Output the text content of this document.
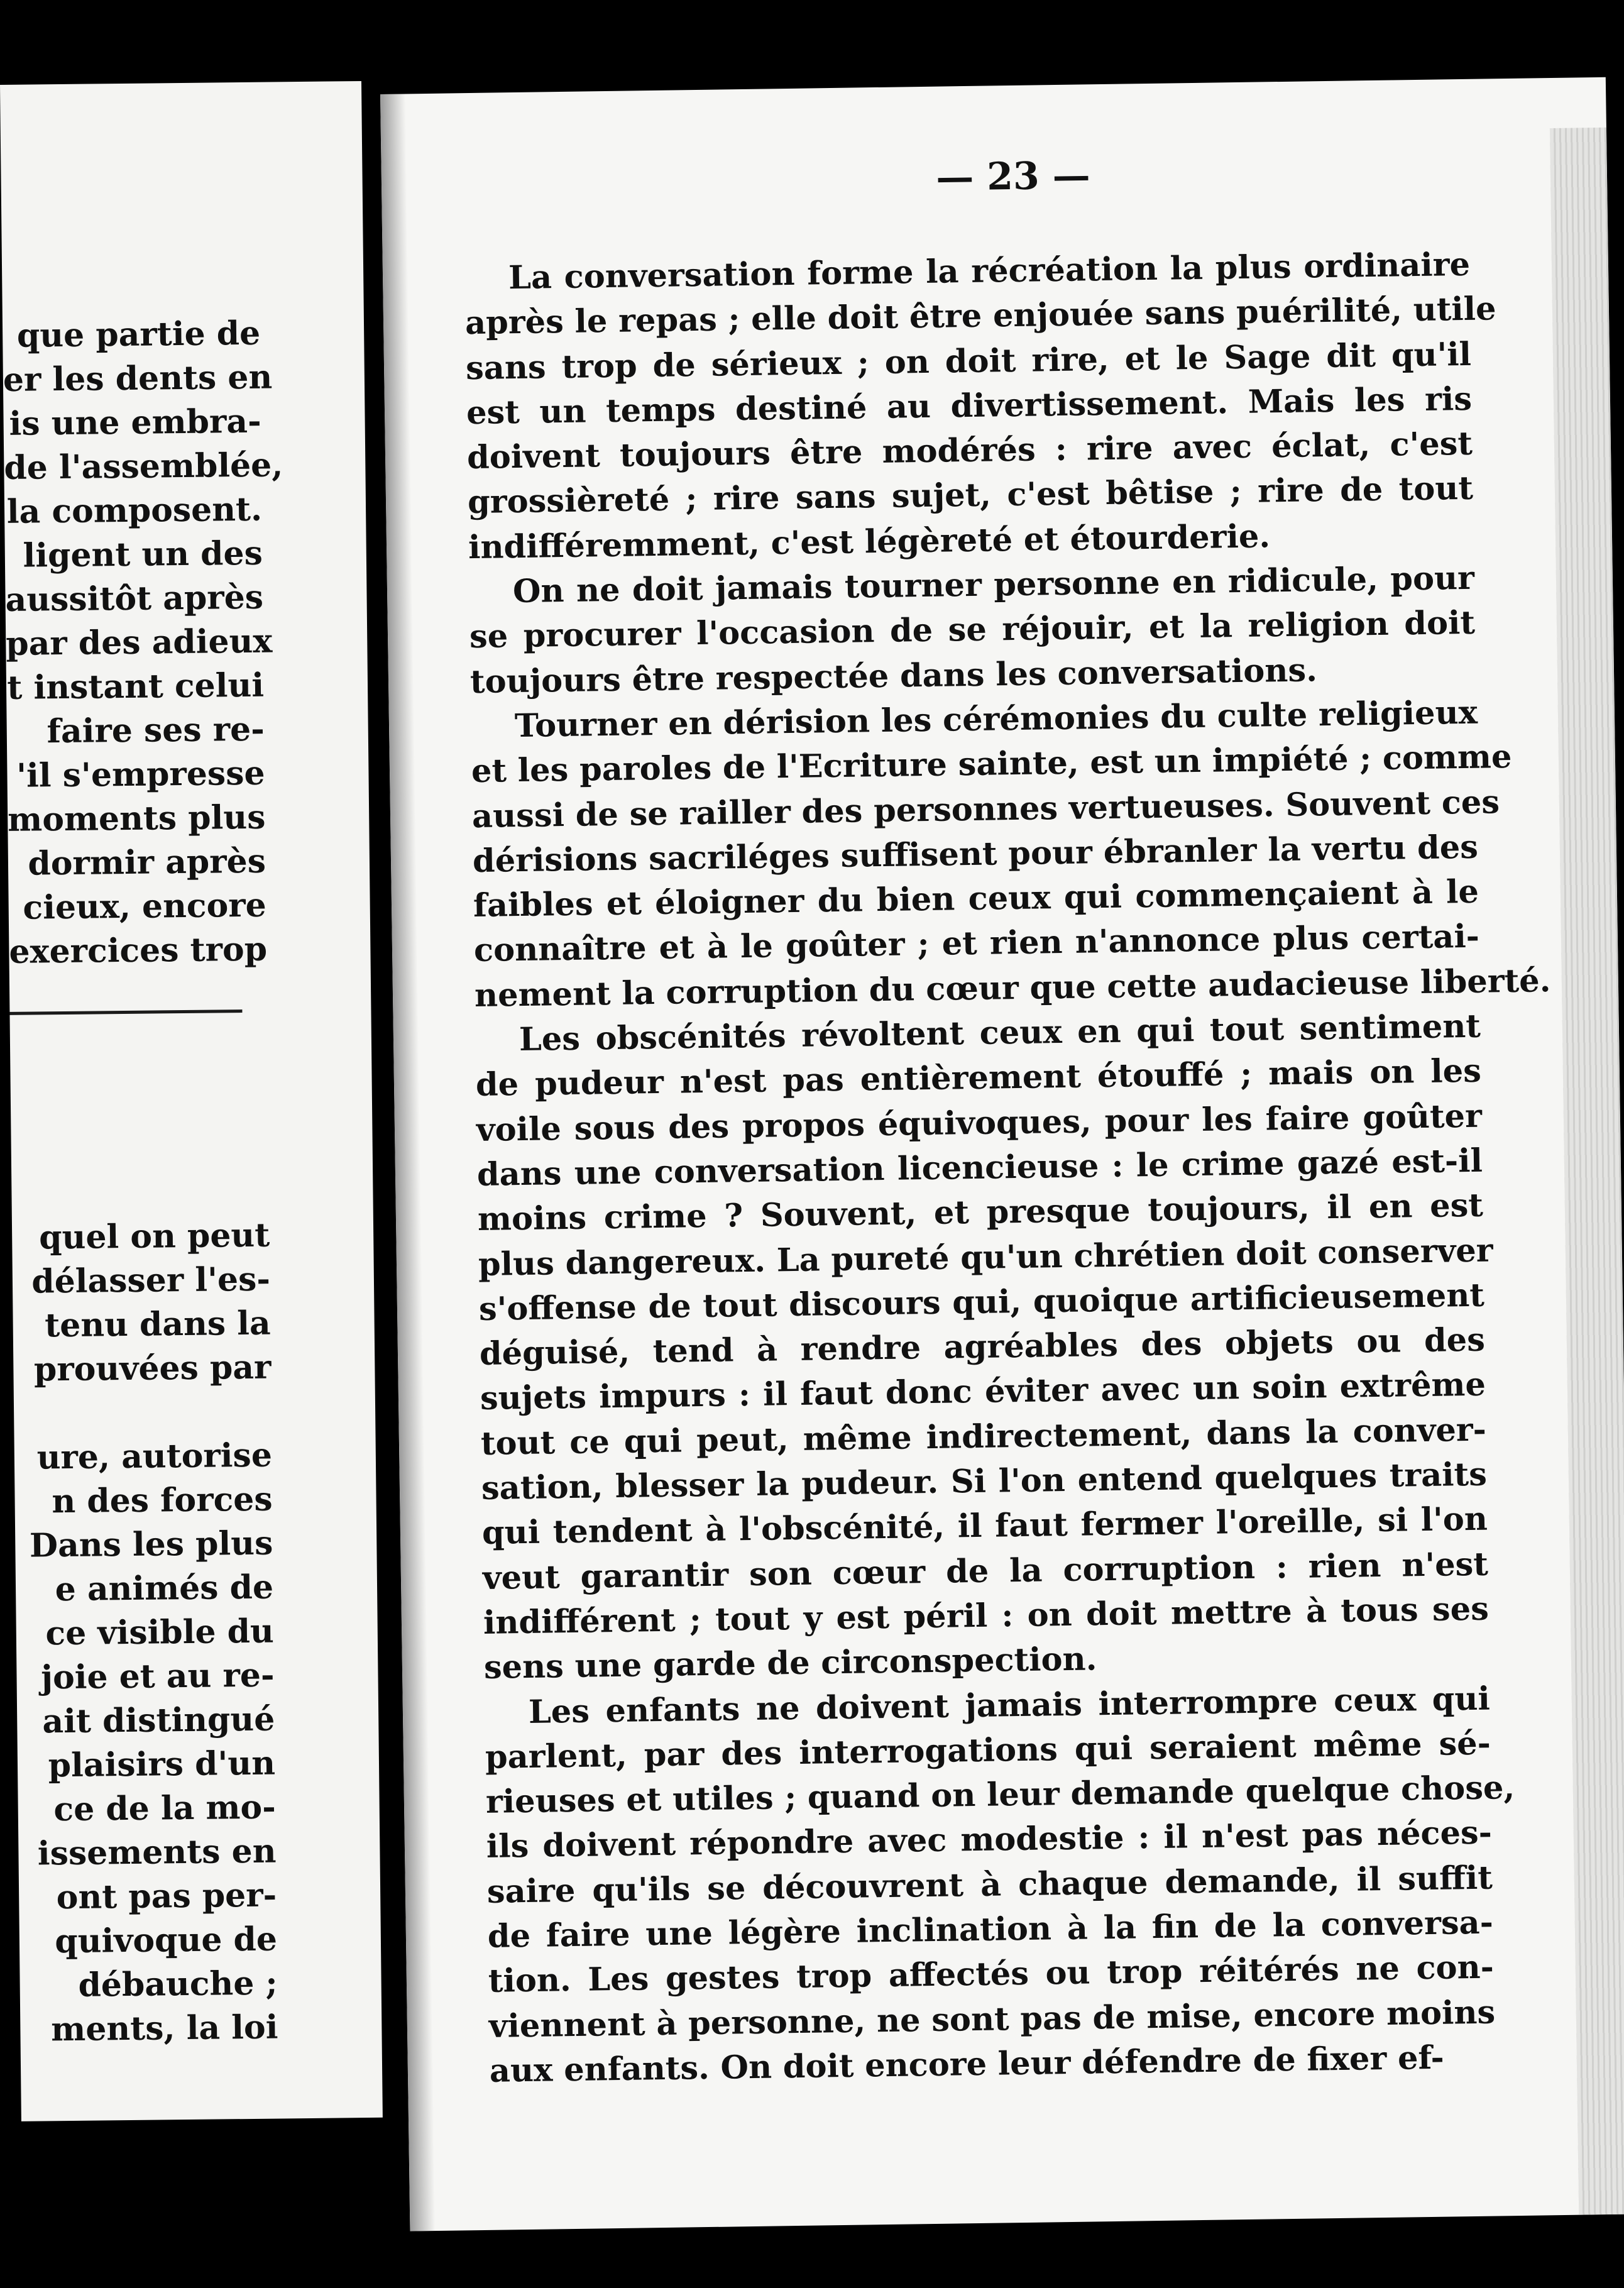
que partie de
er les dents en
is une embra-
de l'assemblée,
la composent.
ligent un des
aussitôt après
par des adieux
t instant celui
faire ses re-
'il s'empresse
moments plus
dormir après
cieux, encore
exercices trop
quel on peut
délasser l'es-
tenu dans la
prouvées par
ure, autorise
n des forces
Dans les plus
e animés de
ce visible du
joie et au re-
ait distingué
plaisirs d'un
ce de la mo-
issements en
ont pas per-
quivoque de
débauche ;
ments, la loi
— 23 —
La conversation forme la récréation la plus ordinaire
après le repas ; elle doit être enjouée sans puérilité, utile
sans trop de sérieux ; on doit rire, et le Sage dit qu'il
est un temps destiné au divertissement. Mais les ris
doivent toujours être modérés : rire avec éclat, c'est
grossièreté ; rire sans sujet, c'est bêtise ; rire de tout
indifféremment, c'est légèreté et étourderie.
On ne doit jamais tourner personne en ridicule, pour
se procurer l'occasion de se réjouir, et la religion doit
toujours être respectée dans les conversations.
Tourner en dérision les cérémonies du culte religieux
et les paroles de l'Ecriture sainte, est un impiété ; comme
aussi de se railler des personnes vertueuses. Souvent ces
dérisions sacriléges suffisent pour ébranler la vertu des
faibles et éloigner du bien ceux qui commençaient à le
connaître et à le goûter ; et rien n'annonce plus certai-
nement la corruption du cœur que cette audacieuse liberté.
Les obscénités révoltent ceux en qui tout sentiment
de pudeur n'est pas entièrement étouffé ; mais on les
voile sous des propos équivoques, pour les faire goûter
dans une conversation licencieuse : le crime gazé est-il
moins crime ? Souvent, et presque toujours, il en est
plus dangereux. La pureté qu'un chrétien doit conserver
s'offense de tout discours qui, quoique artificieusement
déguisé, tend à rendre agréables des objets ou des
sujets impurs : il faut donc éviter avec un soin extrême
tout ce qui peut, même indirectement, dans la conver-
sation, blesser la pudeur. Si l'on entend quelques traits
qui tendent à l'obscénité, il faut fermer l'oreille, si l'on
veut garantir son cœur de la corruption : rien n'est
indifférent ; tout y est péril : on doit mettre à tous ses
sens une garde de circonspection.
Les enfants ne doivent jamais interrompre ceux qui
parlent, par des interrogations qui seraient même sé-
rieuses et utiles ; quand on leur demande quelque chose,
ils doivent répondre avec modestie : il n'est pas néces-
saire qu'ils se découvrent à chaque demande, il suffit
de faire une légère inclination à la fin de la conversa-
tion. Les gestes trop affectés ou trop réitérés ne con-
viennent à personne, ne sont pas de mise, encore moins
aux enfants. On doit encore leur défendre de fixer ef-
